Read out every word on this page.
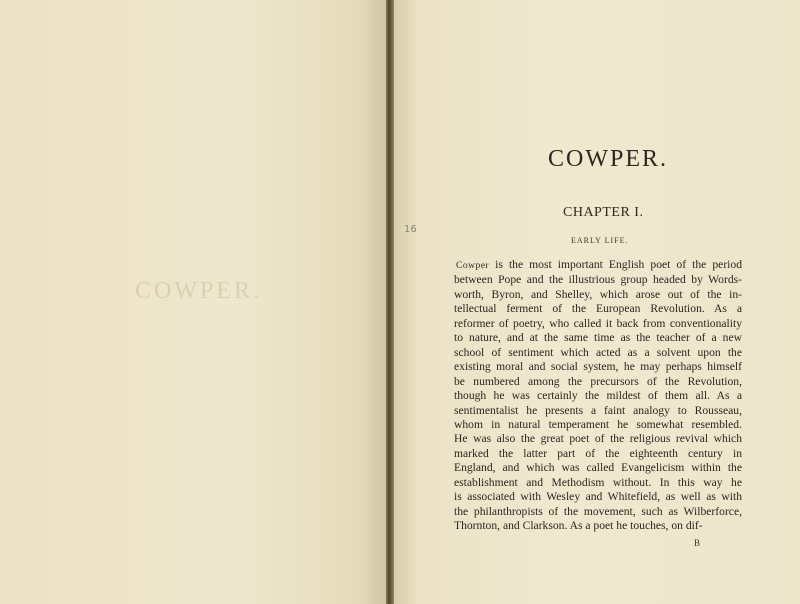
COWPER.
16
COWPER.
CHAPTER I.
EARLY LIFE.
Cowper is the most important English poet of the period
between Pope and the illustrious group headed by Words-
worth, Byron, and Shelley, which arose out of the in-
tellectual ferment of the European Revolution. As a
reformer of poetry, who called it back from conventionality
to nature, and at the same time as the teacher of a new
school of sentiment which acted as a solvent upon the
existing moral and social system, he may perhaps himself
be numbered among the precursors of the Revolution,
though he was certainly the mildest of them all. As a
sentimentalist he presents a faint analogy to Rousseau,
whom in natural temperament he somewhat resembled.
He was also the great poet of the religious revival which
marked the latter part of the eighteenth century in
England, and which was called Evangelicism within the
establishment and Methodism without. In this way he
is associated with Wesley and Whitefield, as well as with
the philanthropists of the movement, such as Wilberforce,
Thornton, and Clarkson. As a poet he touches, on dif-
B
